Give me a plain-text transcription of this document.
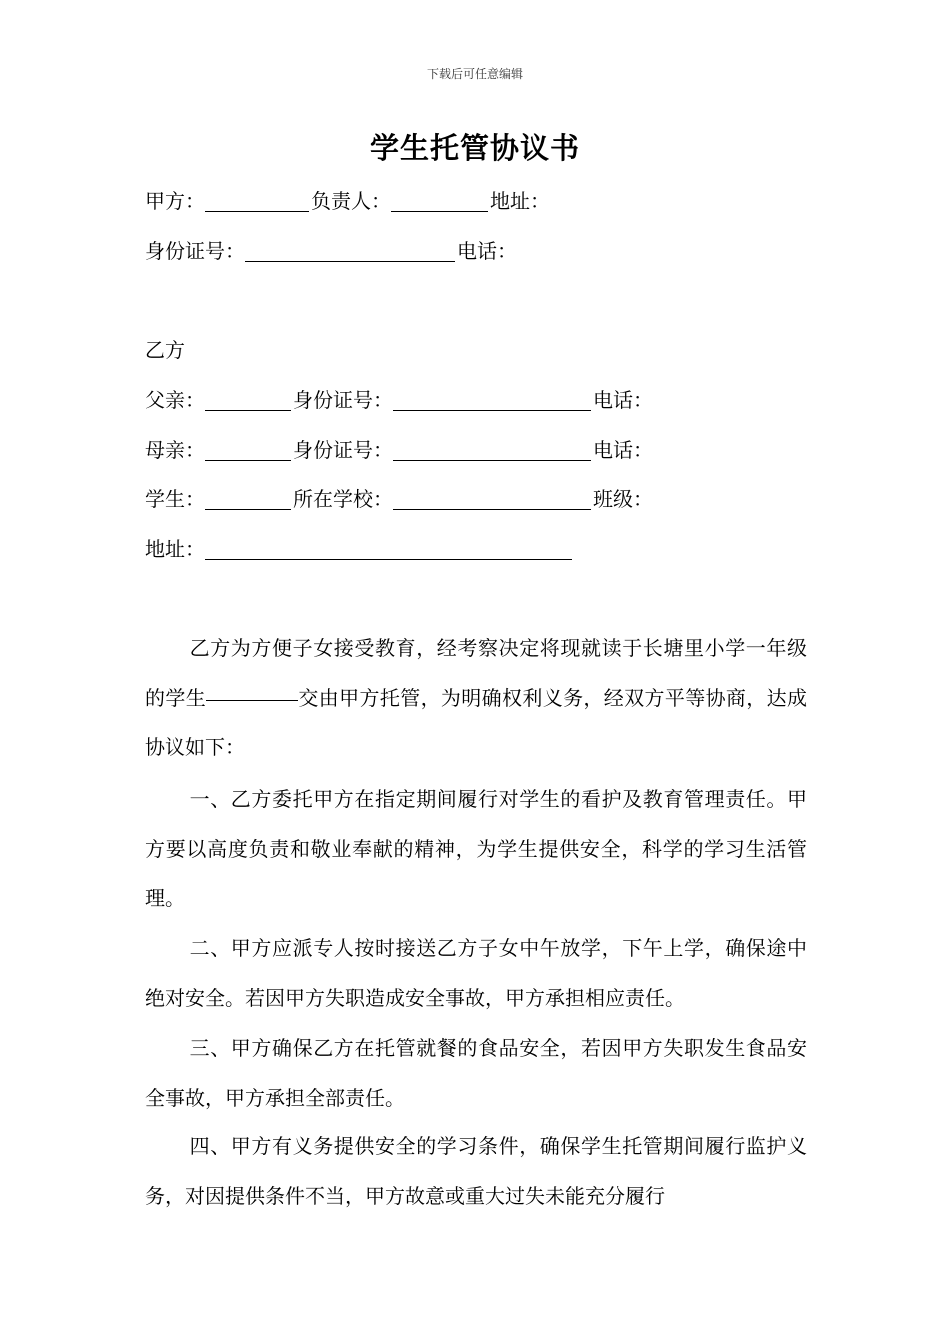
下载后可任意编辑
学生托管协议书
甲方：	负责人：	地址：
身份证号：	电话：
乙方
父亲：	身份证号：	电话：
母亲：	身份证号：	电话：
学生：	所在学校：	班级：
地址：

乙方为方便子女接受教育，经考察决定将现就读于长塘里小学一年级的学生	交由甲方托管，为明确权利义务，经双方平等协商，达成协议如下：

一、乙方委托甲方在指定期间履行对学生的看护及教育管理责任。甲方要以高度负责和敬业奉献的精神，为学生提供安全，科学的学习生活管理。

二、甲方应派专人按时接送乙方子女中午放学，下午上学，确保途中绝对安全。若因甲方失职造成安全事故，甲方承担相应责任。

三、甲方确保乙方在托管就餐的食品安全，若因甲方失职发生食品安全事故，甲方承担全部责任。

四、甲方有义务提供安全的学习条件，确保学生托管期间履行监护义务，对因提供条件不当，甲方故意或重大过失未能充分履行
